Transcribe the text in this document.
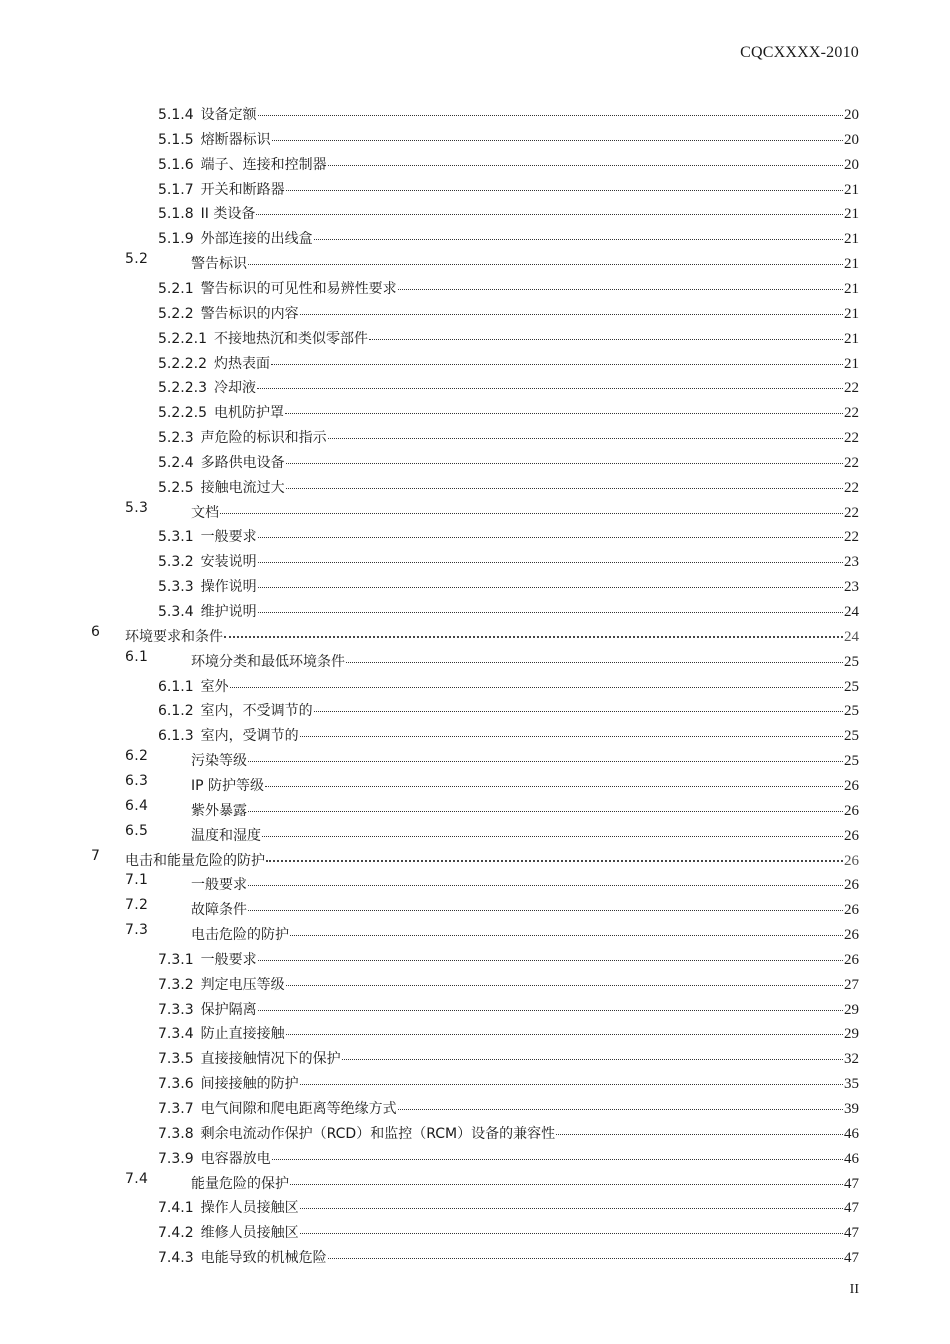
CQCXXXX-2010
5.1.4 设备定额	20
5.1.5 熔断器标识	20
5.1.6 端子、连接和控制器	20
5.1.7 开关和断路器	21
5.1.8 II 类设备	21
5.1.9 外部连接的出线盒	21
5.2	警告标识	21
5.2.1 警告标识的可见性和易辨性要求	21
5.2.2 警告标识的内容	21
5.2.2.1 不接地热沉和类似零部件	21
5.2.2.2 灼热表面	21
5.2.2.3 冷却液	22
5.2.2.5 电机防护罩	22
5.2.3 声危险的标识和指示	22
5.2.4 多路供电设备	22
5.2.5 接触电流过大	22
5.3	文档	22
5.3.1 一般要求	22
5.3.2 安装说明	23
5.3.3 操作说明	23
5.3.4 维护说明	24
6 环境要求和条件	24
6.1	环境分类和最低环境条件	25
6.1.1 室外	25
6.1.2 室内，不受调节的	25
6.1.3 室内，受调节的	25
6.2	污染等级	25
6.3	IP 防护等级	26
6.4	紫外暴露	26
6.5	温度和湿度	26
7 电击和能量危险的防护	26
7.1	一般要求	26
7.2	故障条件	26
7.3	电击危险的防护	26
7.3.1 一般要求	26
7.3.2 判定电压等级	27
7.3.3 保护隔离	29
7.3.4 防止直接接触	29
7.3.5 直接接触情况下的保护	32
7.3.6 间接接触的防护	35
7.3.7 电气间隙和爬电距离等绝缘方式	39
7.3.8 剩余电流动作保护（RCD）和监控（RCM）设备的兼容性	46
7.3.9 电容器放电	46
7.4	能量危险的保护	47
7.4.1 操作人员接触区	47
7.4.2 维修人员接触区	47
7.4.3 电能导致的机械危险	47
II
